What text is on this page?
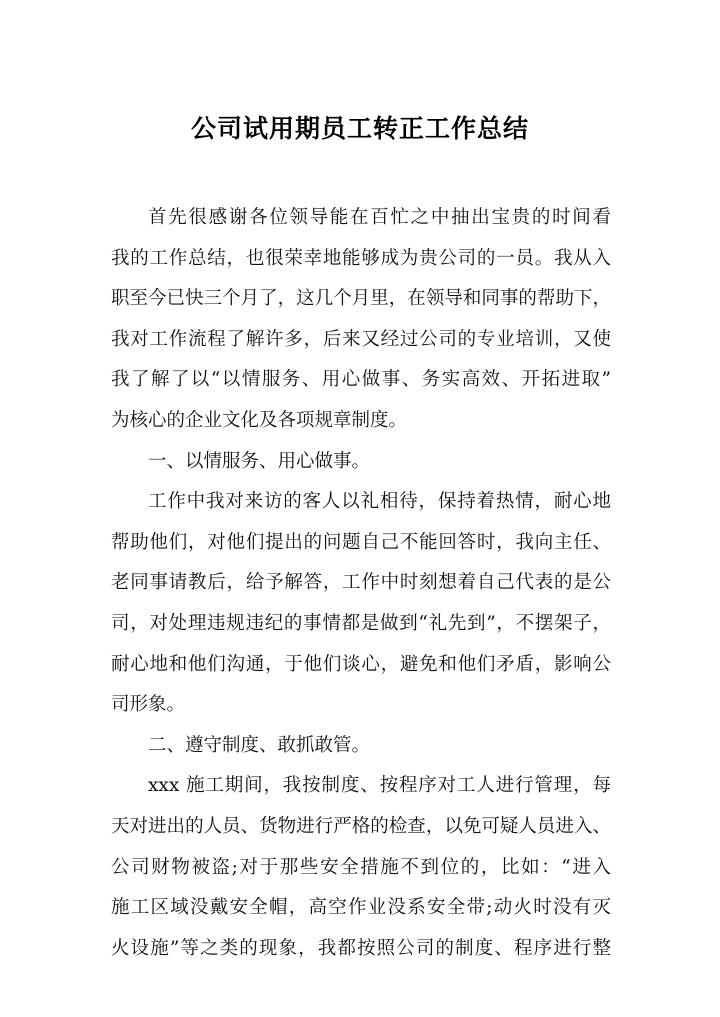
公司试用期员工转正工作总结
首先很感谢各位领导能在百忙之中抽出宝贵的时间看
我的工作总结，也很荣幸地能够成为贵公司的一员。我从入
职至今已快三个月了，这几个月里，在领导和同事的帮助下，
我对工作流程了解许多，后来又经过公司的专业培训，又使
我了解了以“以情服务、用心做事、务实高效、开拓进取”
为核心的企业文化及各项规章制度。
一、以情服务、用心做事。
工作中我对来访的客人以礼相待，保持着热情，耐心地
帮助他们，对他们提出的问题自己不能回答时，我向主任、
老同事请教后，给予解答，工作中时刻想着自己代表的是公
司，对处理违规违纪的事情都是做到“礼先到”，不摆架子，
耐心地和他们沟通，于他们谈心，避免和他们矛盾，影响公
司形象。
二、遵守制度、敢抓敢管。
xxx 施工期间，我按制度、按程序对工人进行管理，每
天对进出的人员、货物进行严格的检查，以免可疑人员进入、
公司财物被盗;对于那些安全措施不到位的，比如：“进入
施工区域没戴安全帽，高空作业没系安全带;动火时没有灭
火设施”等之类的现象，我都按照公司的制度、程序进行整
